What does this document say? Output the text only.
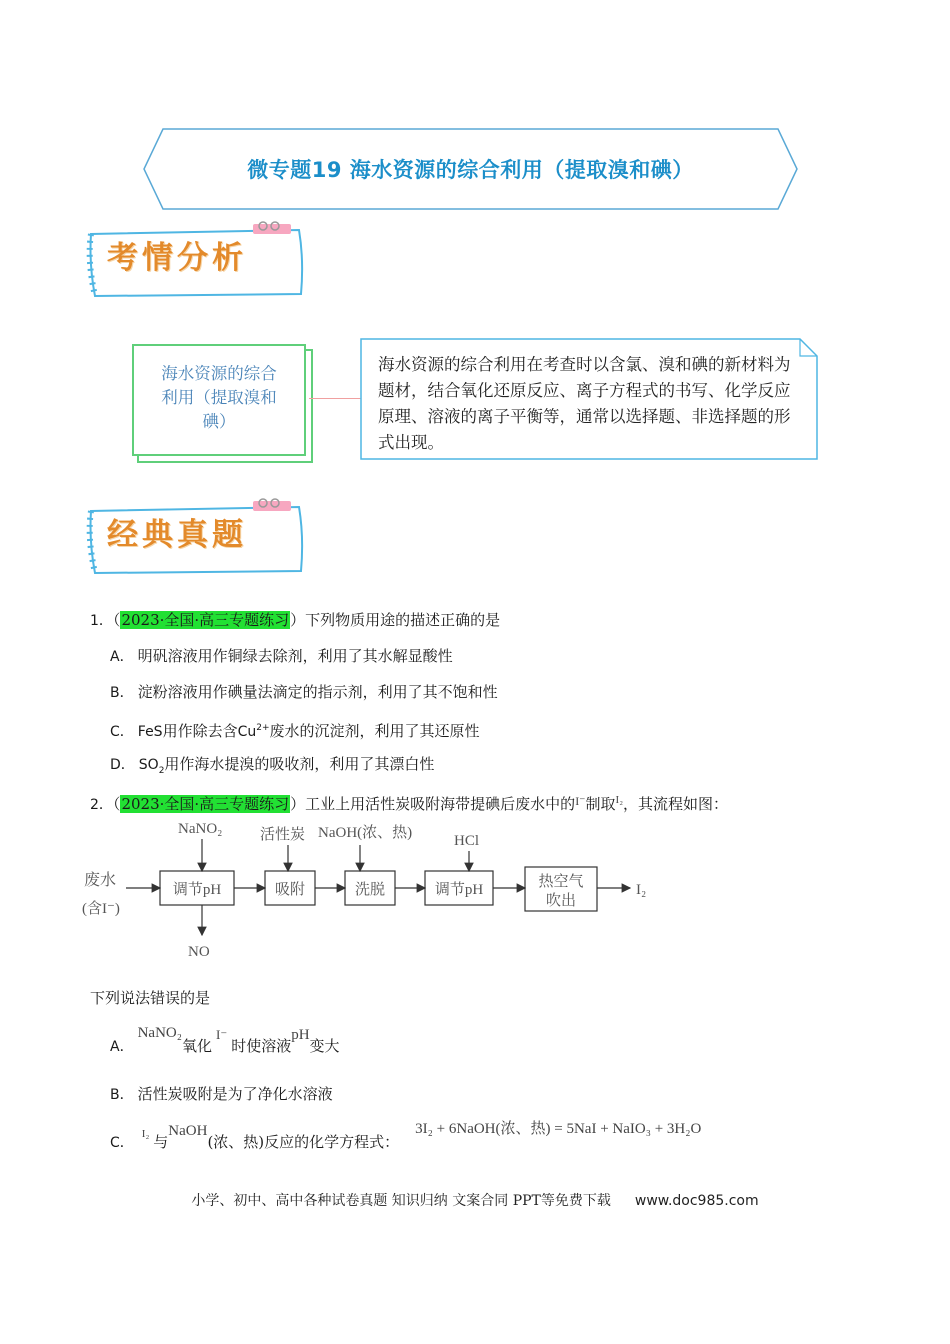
微专题19 海水资源的综合利用（提取溴和碘）
考情分析
海水资源的综合利用（提取溴和碘）
海水资源的综合利用在考查时以含氯、溴和碘的新材料为题材，结合氧化还原反应、离子方程式的书写、化学反应原理、溶液的离子平衡等，通常以选择题、非选择题的形式出现。
经典真题
1．（2023·全国·高三专题练习）下列物质用途的描述正确的是
A． 明矾溶液用作铜绿去除剂，利用了其水解显酸性
B． 淀粉溶液用作碘量法滴定的指示剂，利用了其不饱和性
C． FeS用作除去含$Cu^{2+}$废水的沉淀剂，利用了其还原性
D． $SO_2$用作海水提溴的吸收剂，利用了其漂白性
2．（2023·全国·高三专题练习）工业上用活性炭吸附海带提碘后废水中的$^{I^-}$制取$^{I_2}$，其流程如图：
废水
(含I⁻)
调节pH	吸附	洗脱	调节pH	热空气
吹出
I₂
NaNO₂
NO
活性炭 NaOH(浓、热)	HCl
下列说法错误的是
A．NaNO₂氧化I⁻时使溶液pH变大
B． 活性炭吸附是为了净化水溶液
C．$^{I_2}$ 与NaOH(浓、热)反应的化学方程式：3I₂ + 6NaOH(浓、热) = 5NaI + NaIO₃ + 3H₂O
小学、初中、高中各种试卷真题 知识归纳 文案合同 PPT等免费下载 www.doc985.com
